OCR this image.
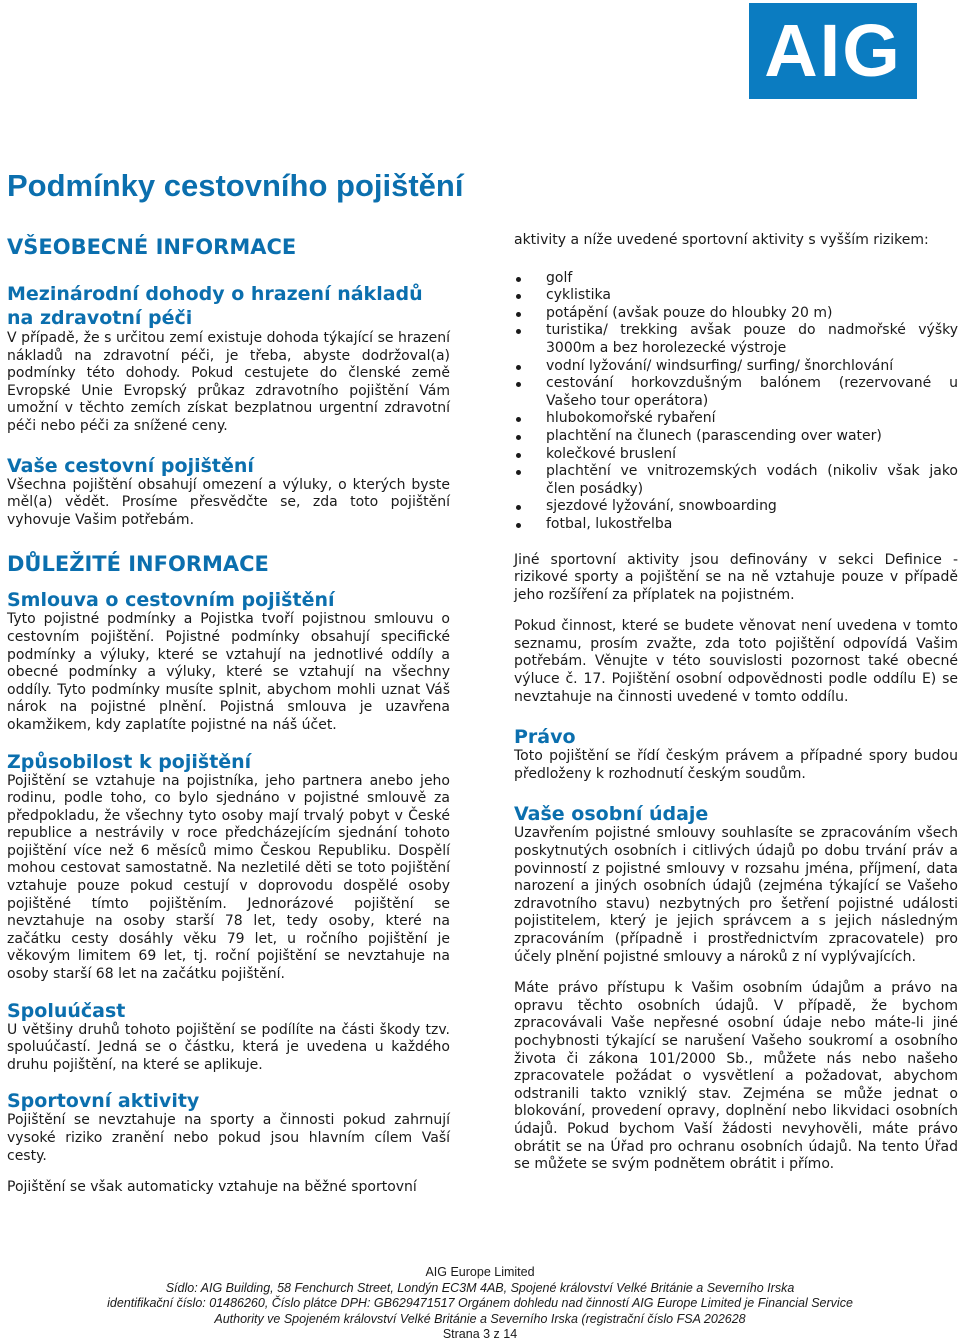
AIG
Podmínky cestovního pojištění
VŠEOBECNÉ INFORMACE
Mezinárodní dohody o hrazení nákladů na zdravotní péči

V případě, že s určitou zemí existuje dohoda týkající se hrazení nákladů na zdravotní péči, je třeba, abyste dodržoval(a) podmínky této dohody. Pokud cestujete do členské země Evropské Unie Evropský průkaz zdravotního pojištění Vám umožní v těchto zemích získat bezplatnou urgentní zdravotní péči nebo péči za snížené ceny.

Vaše cestovní pojištění

Všechna pojištění obsahují omezení a výluky, o kterých byste měl(a) vědět. Prosíme přesvědčte se, zda toto pojištění vyhovuje Vašim potřebám.

DŮLEŽITÉ INFORMACE
Smlouva o cestovním pojištění

Tyto pojistné podmínky a Pojistka tvoří pojistnou smlouvu o cestovním pojištění. Pojistné podmínky obsahují specifické podmínky a výluky, které se vztahují na jednotlivé oddíly a obecné podmínky a výluky, které se vztahují na všechny oddíly. Tyto podmínky musíte splnit, abychom mohli uznat Váš nárok na pojistné plnění. Pojistná smlouva je uzavřena okamžikem, kdy zaplatíte pojistné na náš účet.

Způsobilost k pojištění

Pojištění se vztahuje na pojistníka, jeho partnera anebo jeho rodinu, podle toho, co bylo sjednáno v pojistné smlouvě za předpokladu, že všechny tyto osoby mají trvalý pobyt v České republice a nestrávily v roce předcházejícím sjednání tohoto pojištění více než 6 měsíců mimo Českou Republiku. Dospělí mohou cestovat samostatně. Na nezletilé děti se toto pojištění vztahuje pouze pokud cestují v doprovodu dospělé osoby pojištěné tímto pojištěním. Jednorázové pojištění se nevztahuje na osoby starší 78 let, tedy osoby, které na začátku cesty dosáhly věku 79 let, u ročního pojištění je věkovým limitem 69 let, tj. roční pojištění se nevztahuje na osoby starší 68 let na začátku pojištění.

Spoluúčast

U většiny druhů tohoto pojištění se podílíte na části škody tzv. spoluúčastí. Jedná se o částku, která je uvedena u každého druhu pojištění, na které se aplikuje.

Sportovní aktivity

Pojištění se nevztahuje na sporty a činnosti pokud zahrnují vysoké riziko zranění nebo pokud jsou hlavním cílem Vaší cesty.

Pojištění se však automaticky vztahuje na běžné sportovní

aktivity a níže uvedené sportovní aktivity s vyšším rizikem:

golf
cyklistika
potápění (avšak pouze do hloubky 20 m)
turistika/ trekking avšak pouze do nadmořské výšky 3000m a bez horolezecké výstroje
vodní lyžování/ windsurfing/ surfing/ šnorchlování
cestování horkovzdušným balónem (rezervované u Vašeho tour operátora)
hlubokomořské rybaření
plachtění na člunech (parascending over water)
kolečkové bruslení
plachtění ve vnitrozemských vodách (nikoliv však jako člen posádky)
sjezdové lyžování, snowboarding
fotbal, lukostřelba

Jiné sportovní aktivity jsou definovány v sekci Definice - rizikové sporty a pojištění se na ně vztahuje pouze v případě jeho rozšíření za příplatek na pojistném.

Pokud činnost, které se budete věnovat není uvedena v tomto seznamu, prosím zvažte, zda toto pojištění odpovídá Vašim potřebám. Věnujte v této souvislosti pozornost také obecné výluce č. 17. Pojištění osobní odpovědnosti podle oddílu E) se nevztahuje na činnosti uvedené v tomto oddílu.

Právo

Toto pojištění se řídí českým právem a případné spory budou předloženy k rozhodnutí českým soudům.

Vaše osobní údaje

Uzavřením pojistné smlouvy souhlasíte se zpracováním všech poskytnutých osobních i citlivých údajů po dobu trvání práv a povinností z pojistné smlouvy v rozsahu jména, příjmení, data narození a jiných osobních údajů (zejména týkající se Vašeho zdravotního stavu) nezbytných pro šetření pojistné události pojistitelem, který je jejich správcem a s jejich následným zpracováním (případně i prostřednictvím zpracovatele) pro účely plnění pojistné smlouvy a nároků z ní vyplývajících.

Máte právo přístupu k Vašim osobním údajům a právo na opravu těchto osobních údajů. V případě, že bychom zpracovávali Vaše nepřesné osobní údaje nebo máte-li jiné pochybnosti týkající se narušení Vašeho soukromí a osobního života či zákona 101/2000 Sb., můžete nás nebo našeho zpracovatele požádat o vysvětlení a požadovat, abychom odstranili takto vzniklý stav. Zejména se může jednat o blokování, provedení opravy, doplnění nebo likvidaci osobních údajů. Pokud bychom Vaší žádosti nevyhověli, máte právo obrátit se na Úřad pro ochranu osobních údajů. Na tento Úřad se můžete se svým podnětem obrátit i přímo.

AIG Europe Limited
Sídlo: AIG Building, 58 Fenchurch Street, Londýn EC3M 4AB, Spojené království Velké Británie a Severního Irska
identifikační číslo: 01486260, Číslo plátce DPH: GB629471517 Orgánem dohledu nad činností AIG Europe Limited je Financial Service
Authority ve Spojeném království Velké Británie a Severního Irska (registrační číslo FSA 202628
Strana 3 z 14
